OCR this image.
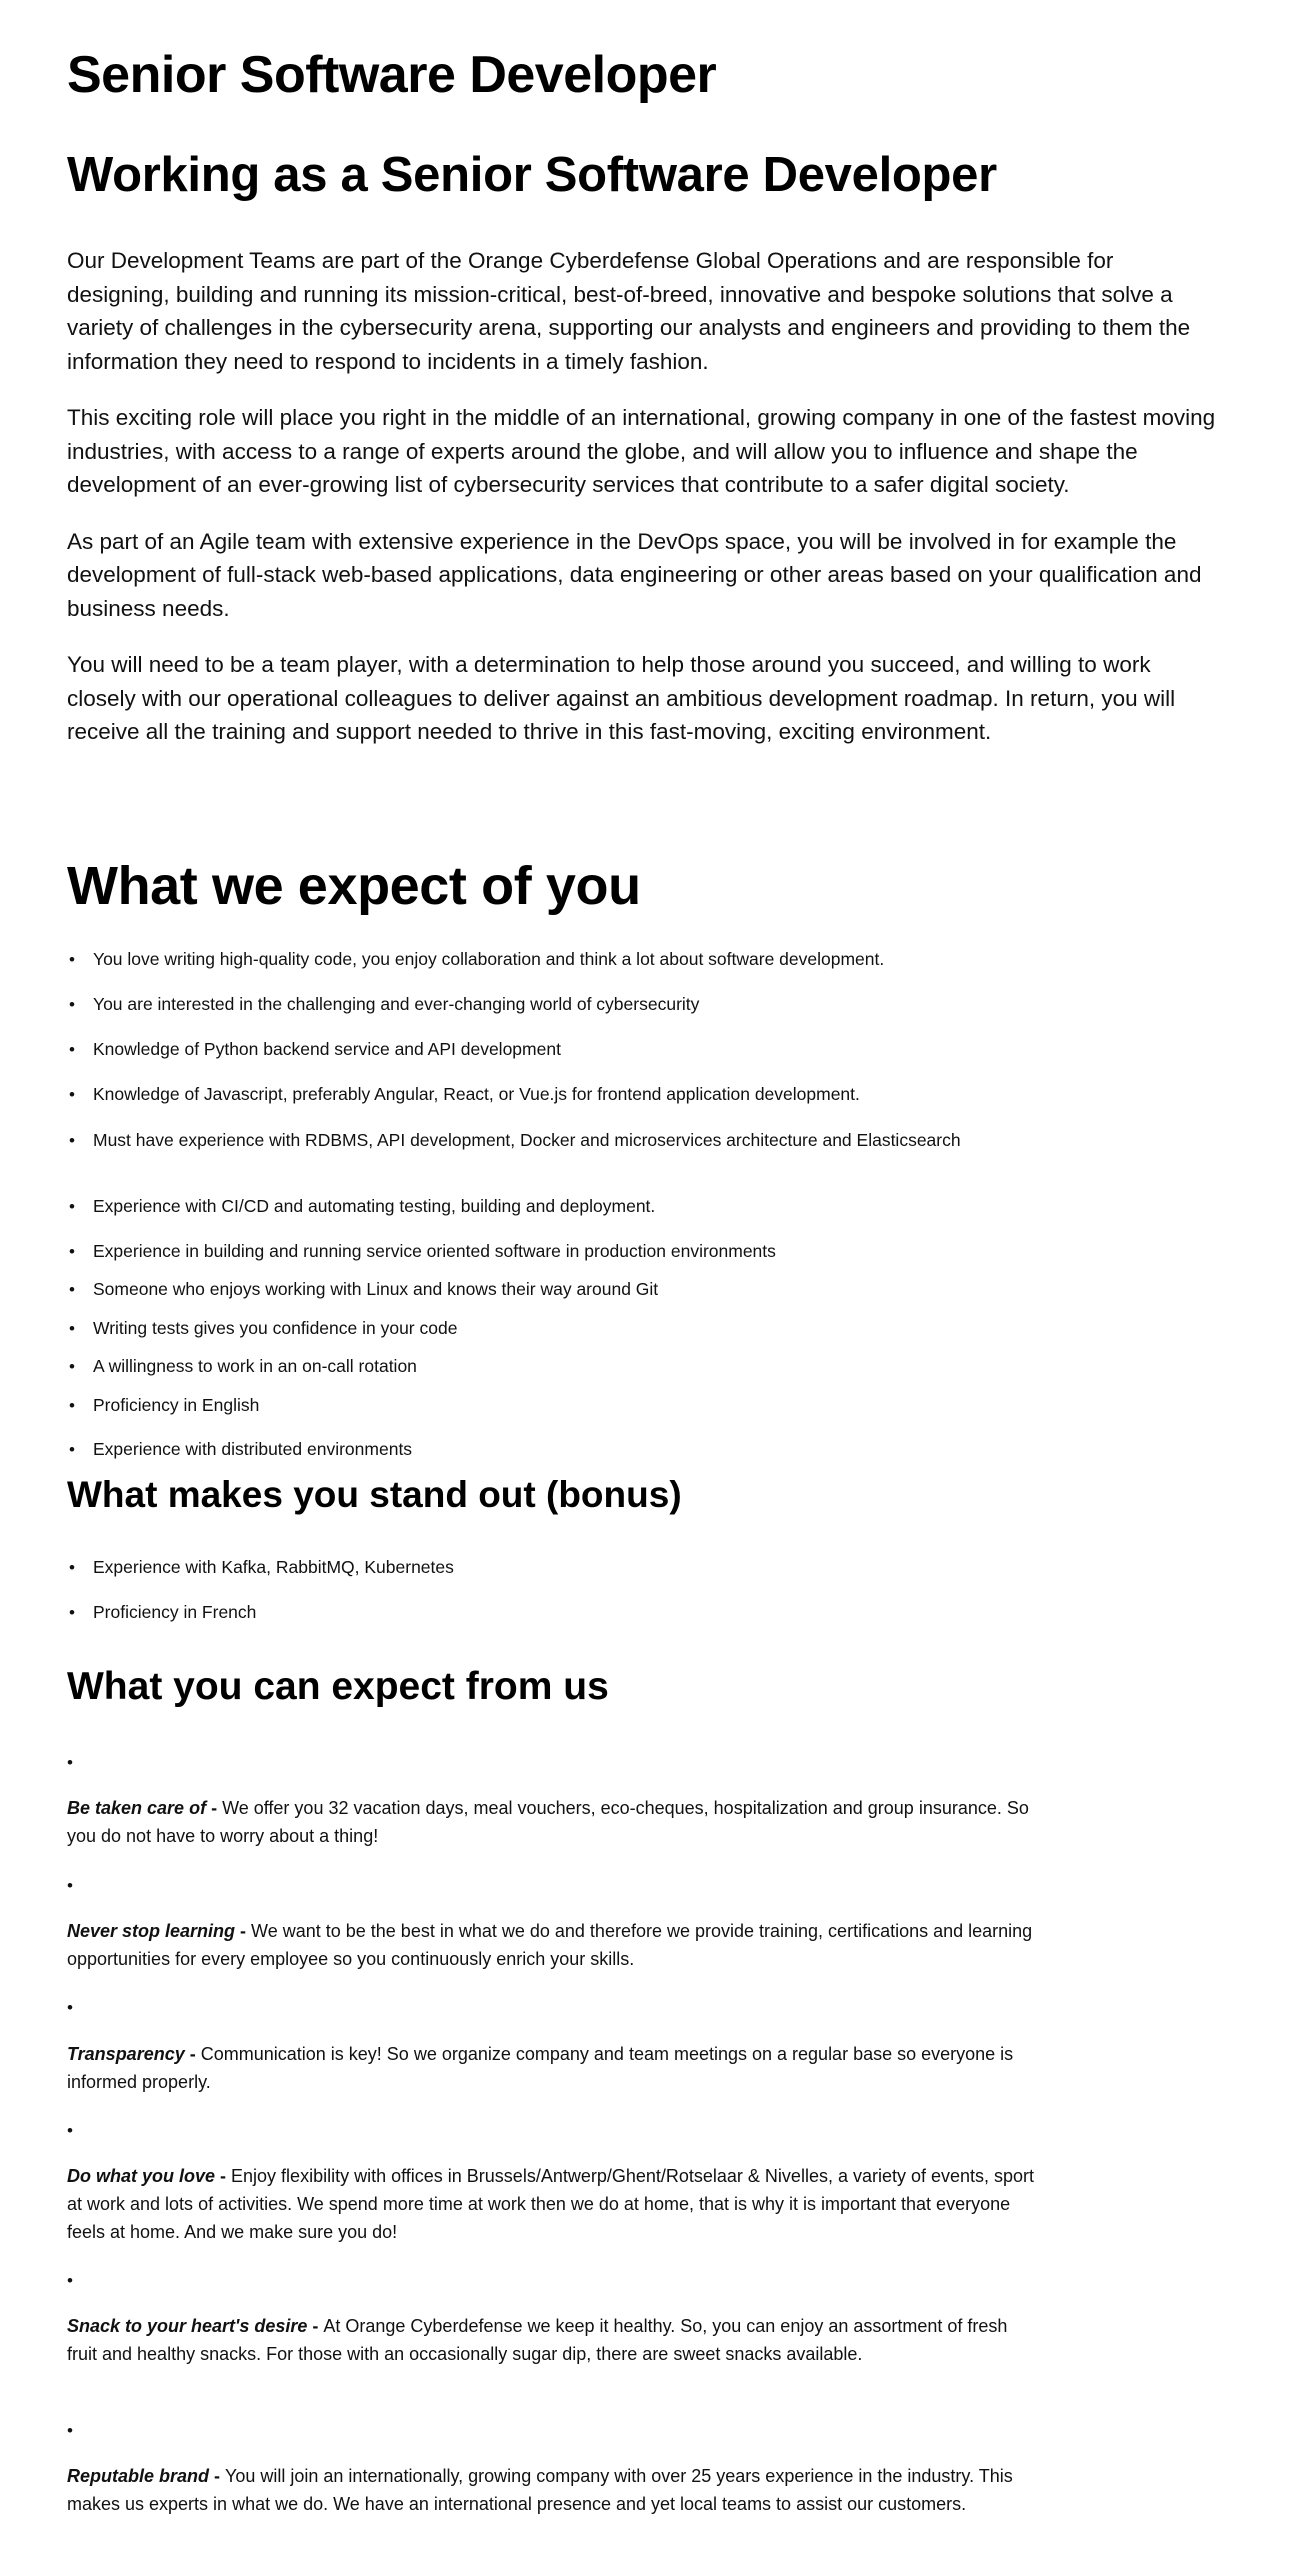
Senior Software Developer
Working as a Senior Software Developer

Our Development Teams are part of the Orange Cyberdefense Global Operations and are responsible for designing, building and running its mission-critical, best-of-breed, innovative and bespoke solutions that solve a variety of challenges in the cybersecurity arena, supporting our analysts and engineers and providing to them the information they need to respond to incidents in a timely fashion.

This exciting role will place you right in the middle of an international, growing company in one of the fastest moving industries, with access to a range of experts around the globe, and will allow you to influence and shape the development of an ever-growing list of cybersecurity services that contribute to a safer digital society.

As part of an Agile team with extensive experience in the DevOps space, you will be involved in for example the development of full-stack web-based applications, data engineering or other areas based on your qualification and business needs.

You will need to be a team player, with a determination to help those around you succeed, and willing to work closely with our operational colleagues to deliver against an ambitious development roadmap. In return, you will receive all the training and support needed to thrive in this fast-moving, exciting environment.

What we expect of you
•	You love writing high-quality code, you enjoy collaboration and think a lot about software development.
•	You are interested in the challenging and ever-changing world of cybersecurity
•	Knowledge of Python backend service and API development
•	Knowledge of Javascript, preferably Angular, React, or Vue.js for frontend application development.
•	Must have experience with RDBMS, API development, Docker and microservices architecture and Elasticsearch
•	Experience with CI/CD and automating testing, building and deployment.
•	Experience in building and running service oriented software in production environments
•	Someone who enjoys working with Linux and knows their way around Git
•	Writing tests gives you confidence in your code
•	A willingness to work in an on-call rotation
•	Proficiency in English
•	Experience with distributed environments
What makes you stand out (bonus)
•	Experience with Kafka, RabbitMQ, Kubernetes
•	Proficiency in French
What you can expect from us
•

Be taken care of - We offer you 32 vacation days, meal vouchers, eco-cheques, hospitalization and group insurance. So you do not have to worry about a thing!

•

Never stop learning - We want to be the best in what we do and therefore we provide training, certifications and learning opportunities for every employee so you continuously enrich your skills.

•

Transparency - Communication is key! So we organize company and team meetings on a regular base so everyone is informed properly.

•

Do what you love - Enjoy flexibility with offices in Brussels/Antwerp/Ghent/Rotselaar & Nivelles, a variety of events, sport at work and lots of activities. We spend more time at work then we do at home, that is why it is important that everyone feels at home. And we make sure you do!

•

Snack to your heart's desire - At Orange Cyberdefense we keep it healthy. So, you can enjoy an assortment of fresh fruit and healthy snacks. For those with an occasionally sugar dip, there are sweet snacks available.

•

Reputable brand - You will join an internationally, growing company with over 25 years experience in the industry. This makes us experts in what we do. We have an international presence and yet local teams to assist our customers.
